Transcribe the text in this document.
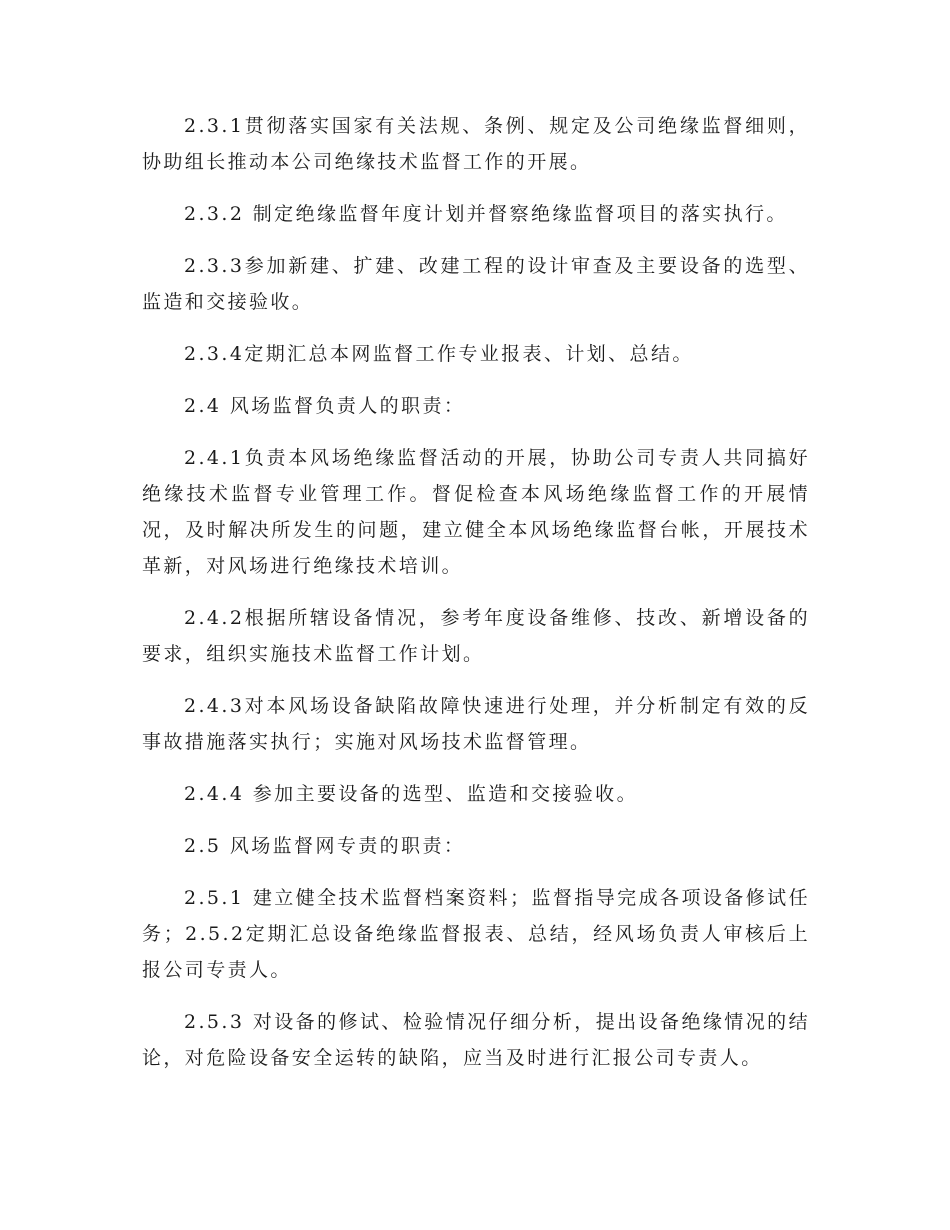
2.3.1贯彻落实国家有关法规、条例、规定及公司绝缘监督细则，协助组长推动本公司绝缘技术监督工作的开展。

2.3.2 制定绝缘监督年度计划并督察绝缘监督项目的落实执行。

2.3.3参加新建、扩建、改建工程的设计审查及主要设备的选型、监造和交接验收。

2.3.4定期汇总本网监督工作专业报表、计划、总结。

2.4 风场监督负责人的职责：

2.4.1负责本风场绝缘监督活动的开展，协助公司专责人共同搞好绝缘技术监督专业管理工作。督促检查本风场绝缘监督工作的开展情况，及时解决所发生的问题，建立健全本风场绝缘监督台帐，开展技术革新，对风场进行绝缘技术培训。

2.4.2根据所辖设备情况，参考年度设备维修、技改、新增设备的要求，组织实施技术监督工作计划。

2.4.3对本风场设备缺陷故障快速进行处理，并分析制定有效的反事故措施落实执行；实施对风场技术监督管理。

2.4.4 参加主要设备的选型、监造和交接验收。

2.5 风场监督网专责的职责：

2.5.1 建立健全技术监督档案资料；监督指导完成各项设备修试任务；2.5.2定期汇总设备绝缘监督报表、总结，经风场负责人审核后上报公司专责人。

2.5.3 对设备的修试、检验情况仔细分析，提出设备绝缘情况的结论，对危险设备安全运转的缺陷，应当及时进行汇报公司专责人。
